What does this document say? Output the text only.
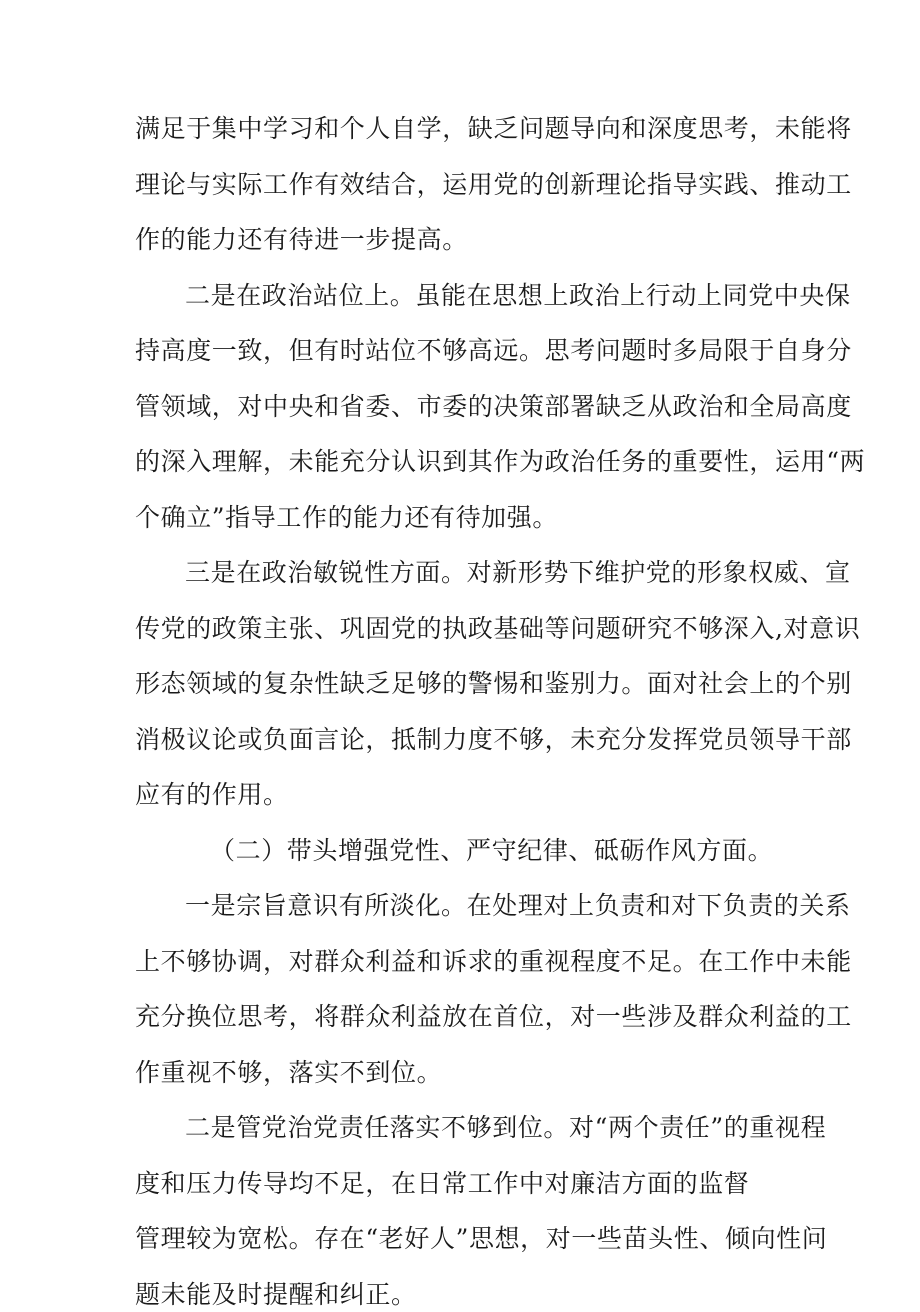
满足于集中学习和个人自学，缺乏问题导向和深度思考，未能将

理论与实际工作有效结合，运用党的创新理论指导实践、推动工

作的能力还有待进一步提高。

二是在政治站位上。虽能在思想上政治上行动上同党中央保

持高度一致，但有时站位不够高远。思考问题时多局限于自身分

管领域，对中央和省委、市委的决策部署缺乏从政治和全局高度

的深入理解，未能充分认识到其作为政治任务的重要性，运用“两

个确立”指导工作的能力还有待加强。

三是在政治敏锐性方面。对新形势下维护党的形象权威、宣

传党的政策主张、巩固党的执政基础等问题研究不够深入,对意识

形态领域的复杂性缺乏足够的警惕和鉴别力。面对社会上的个别

消极议论或负面言论，抵制力度不够，未充分发挥党员领导干部

应有的作用。

（二）带头增强党性、严守纪律、砥砺作风方面。

一是宗旨意识有所淡化。在处理对上负责和对下负责的关系

上不够协调，对群众利益和诉求的重视程度不足。在工作中未能

充分换位思考，将群众利益放在首位，对一些涉及群众利益的工

作重视不够，落实不到位。

二是管党治党责任落实不够到位。对“两个责任”的重视程

度和压力传导均不足，在日常工作中对廉洁方面的监督

管理较为宽松。存在“老好人”思想，对一些苗头性、倾向性问

题未能及时提醒和纠正。
